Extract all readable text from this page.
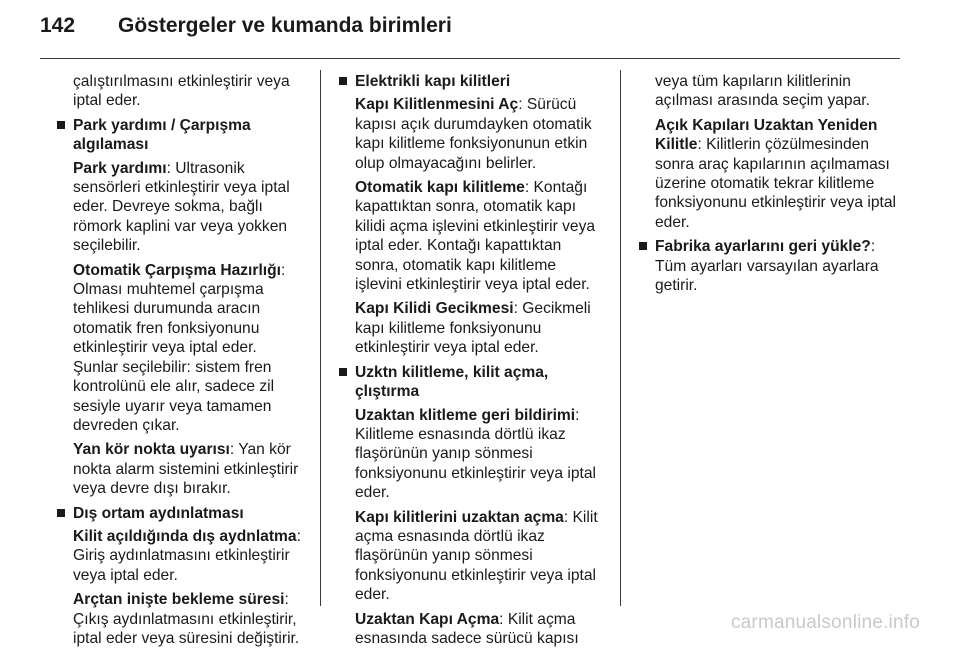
142 Göstergeler ve kumanda birimleri

çalıştırılmasını etkinleştirir veya iptal eder.

Park yardımı / Çarpışma algılaması

Park yardımı: Ultrasonik sensörleri etkinleştirir veya iptal eder. Devreye sokma, bağlı römork kaplini var veya yokken seçilebilir.

Otomatik Çarpışma Hazırlığı: Olması muhtemel çarpışma tehlikesi durumunda aracın otomatik fren fonksiyonunu etkinleştirir veya iptal eder. Şunlar seçilebilir: sistem fren kontrolünü ele alır, sadece zil sesiyle uyarır veya tamamen devreden çıkar.

Yan kör nokta uyarısı: Yan kör nokta alarm sistemini etkinleştirir veya devre dışı bırakır.

Dış ortam aydınlatması

Kilit açıldığında dış aydnlatma: Giriş aydınlatmasını etkinleştirir veya iptal eder.

Arçtan inişte bekleme süresi: Çıkış aydınlatmasını etkinleştirir, iptal eder veya süresini değiştirir.

Elektrikli kapı kilitleri

Kapı Kilitlenmesini Aç: Sürücü kapısı açık durumdayken otomatik kapı kilitleme fonksiyonunun etkin olup olmayacağını belirler.

Otomatik kapı kilitleme: Kontağı kapattıktan sonra, otomatik kapı kilidi açma işlevini etkinleştirir veya iptal eder. Kontağı kapattıktan sonra, otomatik kapı kilitleme işlevini etkinleştirir veya iptal eder.

Kapı Kilidi Gecikmesi: Gecikmeli kapı kilitleme fonksiyonunu etkinleştirir veya iptal eder.

Uzktn kilitleme, kilit açma, çlıştırma

Uzaktan klitleme geri bildirimi: Kilitleme esnasında dörtlü ikaz flaşörünün yanıp sönmesi fonksiyonunu etkinleştirir veya iptal eder.

Kapı kilitlerini uzaktan açma: Kilit açma esnasında dörtlü ikaz flaşörünün yanıp sönmesi fonksiyonunu etkinleştirir veya iptal eder.

Uzaktan Kapı Açma: Kilit açma esnasında sadece sürücü kapısı

veya tüm kapıların kilitlerinin açılması arasında seçim yapar.

Açık Kapıları Uzaktan Yeniden Kilitle: Kilitlerin çözülmesinden sonra araç kapılarının açılmaması üzerine otomatik tekrar kilitleme fonksiyonunu etkinleştirir veya iptal eder.

Fabrika ayarlarını geri yükle?: Tüm ayarları varsayılan ayarlara getirir.
carmanualsonline.info
